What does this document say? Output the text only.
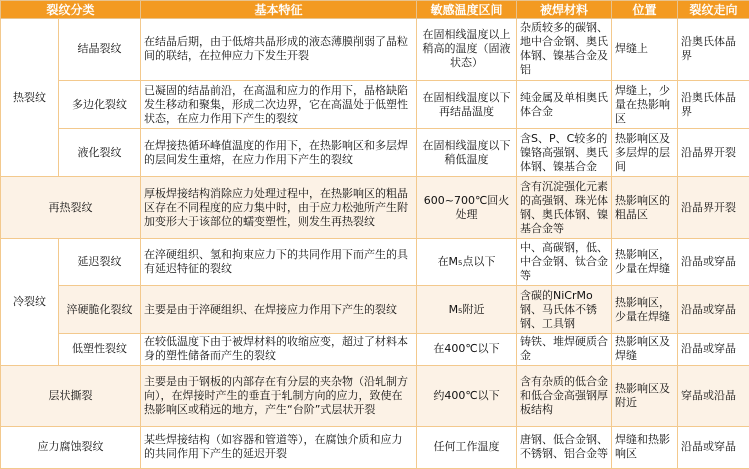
裂纹分类		基本特征	敏感温度区间	被焊材料	位置	裂纹走向
热裂纹	结晶裂纹	在结晶后期，由于低熔共晶形成的液态薄膜削弱了晶粒间的联结，在拉伸应力下发生开裂	在固相线温度以上稍高的温度（固液状态）	杂质较多的碳钢、地中合金钢、奥氏体钢、镍基合金及铝	焊缝上	沿奥氏体晶界
	多边化裂纹	已凝固的结晶前沿，在高温和应力的作用下，晶格缺陷发生移动和聚集，形成二次边界，它在高温处于低塑性状态，在应力作用下产生的裂纹	在固相线温度以下再结晶温度	纯金属及单相奥氏体合金	焊缝上，少量在热影响区	沿奥氏体晶界
	液化裂纹	在焊接热循环峰值温度的作用下，在热影响区和多层焊的层间发生重熔，在应力作用下产生的裂纹	在固相线温度以下稍低温度	含S、P、C较多的镍铬高强钢、奥氏体钢、镍基合金	热影响区及多层焊的层间	沿晶界开裂
再热裂纹		厚板焊接结构消除应力处理过程中，在热影响区的粗晶区存在不同程度的应力集中时，由于应力松弛所产生附加变形大于该部位的蠕变塑性，则发生再热裂纹	600~700℃回火处理	含有沉淀强化元素的高强钢、珠光体钢、奥氏体钢、镍基合金等	热影响区的粗晶区	沿晶界开裂
冷裂纹	延迟裂纹	在淬硬组织、氢和拘束应力下的共同作用下而产生的具有延迟特征的裂纹	在M₅点以下	中、高碳钢，低、中合金钢、钛合金等	热影响区，少量在焊缝	沿晶或穿晶
	淬硬脆化裂纹	主要是由于淬硬组织、在焊接应力作用下产生的裂纹	M₅附近	含碳的NiCrMo钢、马氏体不锈钢、工具钢	热影响区，少量在焊缝	沿晶或穿晶
	低塑性裂纹	在较低温度下由于被焊材料的收缩应变，超过了材料本身的塑性储备而产生的裂纹	在400℃以下	铸铁、堆焊硬质合金	热影响区及焊缝	沿晶或穿晶
层状撕裂		主要是由于钢板的内部存在有分层的夹杂物（沿轧制方向），在焊接时产生的垂直于轧制方向的应力，致使在热影响区或稍远的地方，产生“台阶”式层状开裂	约400℃以下	含有杂质的低合金和低合金高强钢厚板结构	热影响区及附近	穿晶或沿晶
应力腐蚀裂纹		某些焊接结构（如容器和管道等），在腐蚀介质和应力的共同作用下产生的延迟开裂	任何工作温度	唐钢、低合金钢、不锈钢、铝合金等	焊缝和热影响区	沿晶或穿晶
